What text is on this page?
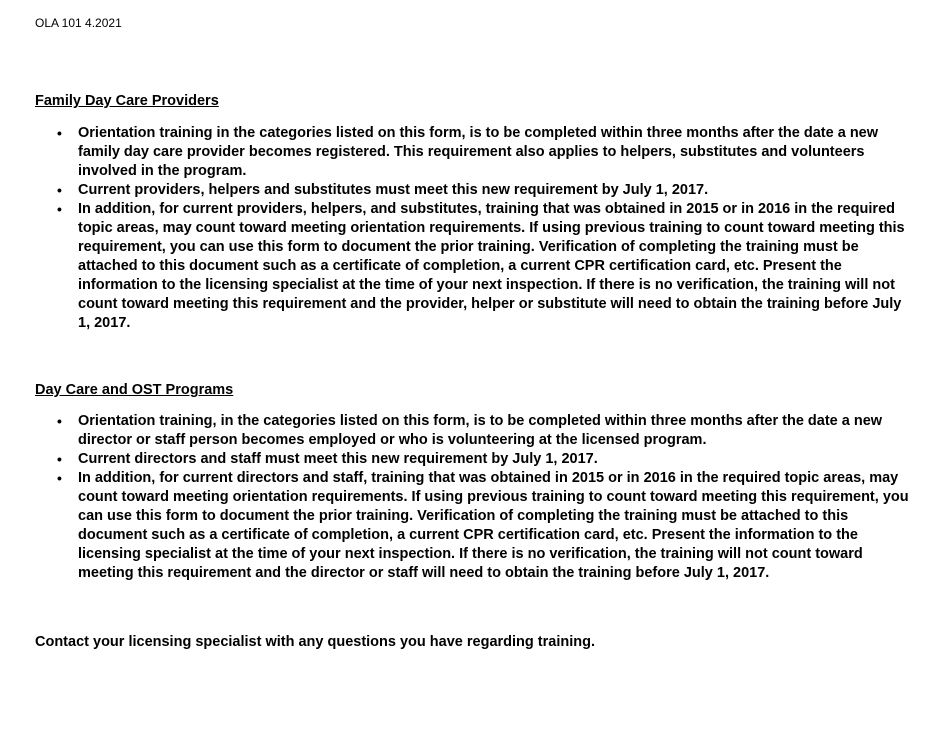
OLA 101 4.2021
Family Day Care Providers
• Orientation training in the categories listed on this form, is to be completed within three months after the date a new family day care provider becomes registered. This requirement also applies to helpers, substitutes and volunteers involved in the program.
• Current providers, helpers and substitutes must meet this new requirement by July 1, 2017.
• In addition, for current providers, helpers, and substitutes, training that was obtained in 2015 or in 2016 in the required topic areas, may count toward meeting orientation requirements. If using previous training to count toward meeting this requirement, you can use this form to document the prior training. Verification of completing the training must be attached to this document such as a certificate of completion, a current CPR certification card, etc. Present the information to the licensing specialist at the time of your next inspection. If there is no verification, the training will not count toward meeting this requirement and the provider, helper or substitute will need to obtain the training before July 1, 2017.
Day Care and OST Programs
• Orientation training, in the categories listed on this form, is to be completed within three months after the date a new director or staff person becomes employed or who is volunteering at the licensed program.
• Current directors and staff must meet this new requirement by July 1, 2017.
• In addition, for current directors and staff, training that was obtained in 2015 or in 2016 in the required topic areas, may count toward meeting orientation requirements. If using previous training to count toward meeting this requirement, you can use this form to document the prior training. Verification of completing the training must be attached to this document such as a certificate of completion, a current CPR certification card, etc. Present the information to the licensing specialist at the time of your next inspection. If there is no verification, the training will not count toward meeting this requirement and the director or staff will need to obtain the training before July 1, 2017.
Contact your licensing specialist with any questions you have regarding training.
